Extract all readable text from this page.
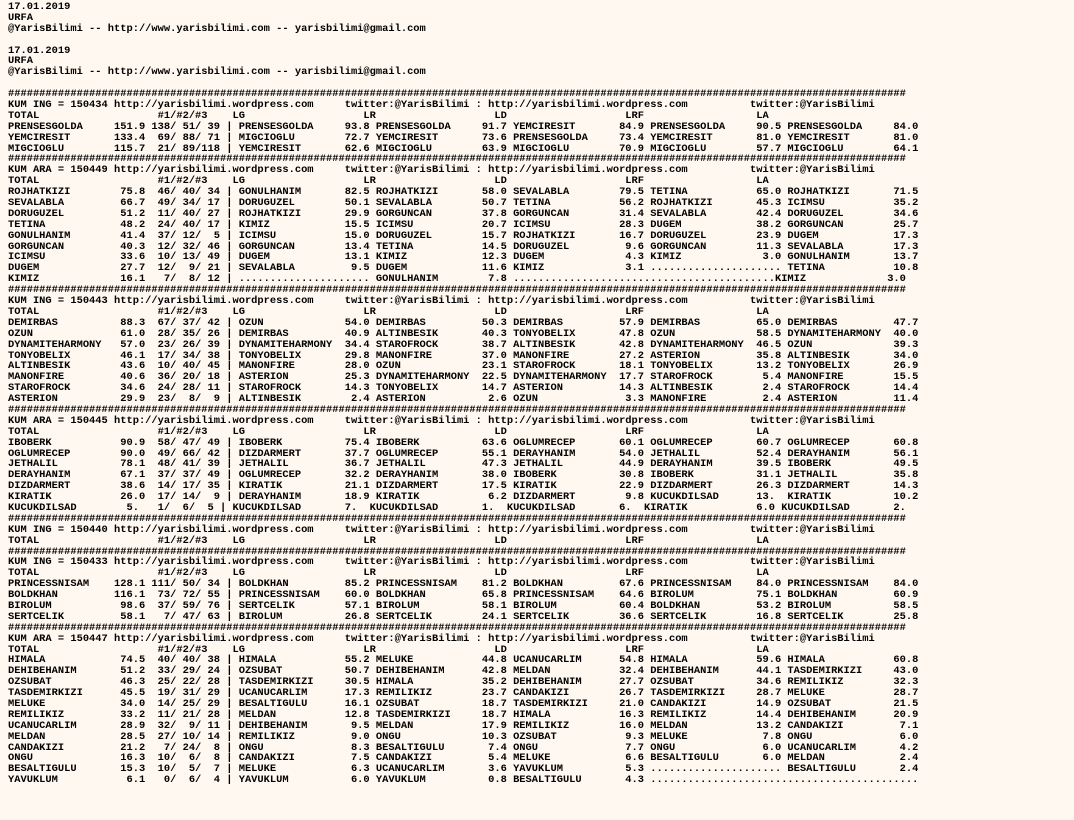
17.01.2019
URFA
@YarisBilimi -- http://www.yarisbilimi.com -- yarisbilimi@gmail.com
17.01.2019
URFA
@YarisBilimi -- http://www.yarisbilimi.com -- yarisbilimi@gmail.com
################################################################################################################################################
KUM ING = 150434 http://yarisbilimi.wordpress.com     twitter:@YarisBilimi : http://yarisbilimi.wordpress.com          twitter:@YarisBilimi
TOTAL                   #1/#2/#3    LG                   LR                   LD                   LRF                  LA
PRENSESGOLDA     151.9 138/ 51/ 39 | PRENSESGOLDA     93.8 PRENSESGOLDA     91.7 YEMCIRESIT       84.9 PRENSESGOLDA     90.5 PRENSESGOLDA     84.0
YEMCIRESIT       133.4  69/ 88/ 71 | MIGCIOGLU        72.7 YEMCIRESIT       73.6 PRENSESGOLDA     73.4 YEMCIRESIT       81.0 YEMCIRESIT       81.0
MIGCIOGLU        115.7  21/ 89/118 | YEMCIRESIT       62.6 MIGCIOGLU        63.9 MIGCIOGLU        70.9 MIGCIOGLU        57.7 MIGCIOGLU        64.1
################################################################################################################################################
KUM ARA = 150449 http://yarisbilimi.wordpress.com     twitter:@YarisBilimi : http://yarisbilimi.wordpress.com          twitter:@YarisBilimi
TOTAL                   #1/#2/#3    LG                   LR                   LD                   LRF                  LA
ROJHATKIZI        75.8  46/ 40/ 34 | GONULHANIM       82.5 ROJHATKIZI       58.0 SEVALABLA        79.5 TETINA           65.0 ROJHATKIZI       71.5
SEVALABLA         66.7  49/ 34/ 17 | DORUGUZEL        50.1 SEVALABLA        50.7 TETINA           56.2 ROJHATKIZI       45.3 ICIMSU           35.2
DORUGUZEL         51.2  11/ 40/ 27 | ROJHATKIZI       29.9 GORGUNCAN        37.8 GORGUNCAN        31.4 SEVALABLA        42.4 DORUGUZEL        34.6
TETINA            48.2  24/ 40/ 17 | KIMIZ            15.5 ICIMSU           20.7 ICIMSU           28.3 DUGEM            38.2 GORGUNCAN        25.7
GONULHANIM        41.4  37/ 12/  5 | ICIMSU           15.0 DORUGUZEL        15.7 ROJHATKIZI       16.7 DORUGUZEL        23.9 DUGEM            17.3
GORGUNCAN         40.3  12/ 32/ 46 | GORGUNCAN        13.4 TETINA           14.5 DORUGUZEL         9.6 GORGUNCAN        11.3 SEVALABLA        17.3
ICIMSU            33.6  10/ 13/ 49 | DUGEM            13.1 KIMIZ            12.3 DUGEM             4.3 KIMIZ             3.0 GONULHANIM       13.7
DUGEM             27.7  12/  9/ 21 | SEVALABLA         9.5 DUGEM            11.6 KIMIZ             3.1 ..................... TETINA           10.8
KIMIZ             16.1   7/  8/ 12 | ..................... GONULHANIM        7.8 ..........................................KIMIZ             3.0
################################################################################################################################################
KUM ING = 150443 http://yarisbilimi.wordpress.com     twitter:@YarisBilimi : http://yarisbilimi.wordpress.com          twitter:@YarisBilimi
TOTAL                   #1/#2/#3    LG                   LR                   LD                   LRF                  LA
DEMIRBAS          88.3  67/ 37/ 42 | OZUN             54.0 DEMIRBAS         50.3 DEMIRBAS         57.9 DEMIRBAS         65.0 DEMIRBAS         47.7
OZUN              61.0  28/ 35/ 26 | DEMIRBAS         40.9 ALTINBESIK       40.3 TONYOBELIX       47.8 OZUN             58.5 DYNAMITEHARMONY  40.0
DYNAMITEHARMONY   57.0  23/ 26/ 39 | DYNAMITEHARMONY  34.4 STAROFROCK       38.7 ALTINBESIK       42.8 DYNAMITEHARMONY  46.5 OZUN             39.3
TONYOBELIX        46.1  17/ 34/ 38 | TONYOBELIX       29.8 MANONFIRE        37.0 MANONFIRE        27.2 ASTERION         35.8 ALTINBESIK       34.0
ALTINBESIK        43.6  10/ 40/ 45 | MANONFIRE        28.0 OZUN             23.1 STAROFROCK       18.1 TONYOBELIX       13.2 TONYOBELIX       26.9
MANONFIRE         40.6  36/ 20/ 18 | ASTERION         25.3 DYNAMITEHARMONY  22.5 DYNAMITEHARMONY  17.7 STAROFROCK        5.4 MANONFIRE        15.5
STAROFROCK        34.6  24/ 28/ 11 | STAROFROCK       14.3 TONYOBELIX       14.7 ASTERION         14.3 ALTINBESIK        2.4 STAROFROCK       14.4
ASTERION          29.9  23/  8/  9 | ALTINBESIK        2.4 ASTERION          2.6 OZUN              3.3 MANONFIRE         2.4 ASTERION         11.4
################################################################################################################################################
KUM ARA = 150445 http://yarisbilimi.wordpress.com     twitter:@YarisBilimi : http://yarisbilimi.wordpress.com          twitter:@YarisBilimi
TOTAL                   #1/#2/#3    LG                   LR                   LD                   LRF                  LA
IBOBERK           90.9  58/ 47/ 49 | IBOBERK          75.4 IBOBERK          63.6 OGLUMRECEP       60.1 OGLUMRECEP       60.7 OGLUMRECEP       60.8
OGLUMRECEP        90.0  49/ 66/ 42 | DIZDARMERT       37.7 OGLUMRECEP       55.1 DERAYHANIM       54.0 JETHALIL         52.4 DERAYHANIM       56.1
JETHALIL          78.1  48/ 41/ 39 | JETHALIL         36.7 JETHALIL         47.3 JETHALIL         44.9 DERAYHANIM       39.5 IBOBERK          49.5
DERAYHANIM        67.1  37/ 37/ 49 | OGLUMRECEP       32.2 DERAYHANIM       38.0 IBOBERK          30.8 IBOBERK          31.1 JETHALIL         35.8
DIZDARMERT        38.6  14/ 17/ 35 | KIRATIK          21.1 DIZDARMERT       17.5 KIRATIK          22.9 DIZDARMERT       26.3 DIZDARMERT       14.3
KIRATIK           26.0  17/ 14/  9 | DERAYHANIM       18.9 KIRATIK           6.2 DIZDARMERT        9.8 KUCUKDILSAD      13.  KIRATIK          10.2
KUCUKDILSAD        5.   1/  6/  5 | KUCUKDILSAD       7.  KUCUKDILSAD       1.  KUCUKDILSAD       6.  KIRATIK           6.0 KUCUKDILSAD       2.
################################################################################################################################################
KUM ING = 150440 http://yarisbilimi.wordpress.com     twitter:@YarisBilimi : http://yarisbilimi.wordpress.com          twitter:@YarisBilimi
TOTAL                   #1/#2/#3    LG                   LR                   LD                   LRF                  LA
################################################################################################################################################
KUM ING = 150433 http://yarisbilimi.wordpress.com     twitter:@YarisBilimi : http://yarisbilimi.wordpress.com          twitter:@YarisBilimi
TOTAL                   #1/#2/#3    LG                   LR                   LD                   LRF                  LA
PRINCESSNISAM    128.1 111/ 50/ 34 | BOLDKHAN         85.2 PRINCESSNISAM    81.2 BOLDKHAN         67.6 PRINCESSNISAM    84.0 PRINCESSNISAM    84.0
BOLDKHAN         116.1  73/ 72/ 55 | PRINCESSNISAM    60.0 BOLDKHAN         65.8 PRINCESSNISAM    64.6 BIROLUM          75.1 BOLDKHAN         60.9
BIROLUM           98.6  37/ 59/ 76 | SERTCELIK        57.1 BIROLUM          58.1 BIROLUM          60.4 BOLDKHAN         53.2 BIROLUM          58.5
SERTCELIK         58.1   7/ 47/ 63 | BIROLUM          26.8 SERTCELIK        24.1 SERTCELIK        36.6 SERTCELIK        16.8 SERTCELIK        25.8
################################################################################################################################################
KUM ARA = 150447 http://yarisbilimi.wordpress.com     twitter:@YarisBilimi : http://yarisbilimi.wordpress.com          twitter:@YarisBilimi
TOTAL                   #1/#2/#3    LG                   LR                   LD                   LRF                  LA
HIMALA            74.5  40/ 40/ 38 | HIMALA           55.2 MELUKE           44.8 UCANUCARLIM      54.8 HIMALA           59.6 HIMALA           60.8
DEHIBEHANIM       51.2  33/ 29/ 24 | OZSUBAT          50.7 DEHIBEHANIM      42.8 MELDAN           32.4 DEHIBEHANIM      44.1 TASDEMIRKIZI     43.0
OZSUBAT           46.3  25/ 22/ 28 | TASDEMIRKIZI     30.5 HIMALA           35.2 DEHIBEHANIM      27.7 OZSUBAT          34.6 REMILIKIZ        32.3
TASDEMIRKIZI      45.5  19/ 31/ 29 | UCANUCARLIM      17.3 REMILIKIZ        23.7 CANDAKIZI        26.7 TASDEMIRKIZI     28.7 MELUKE           28.7
MELUKE            34.0  14/ 25/ 29 | BESALTIGULU      16.1 OZSUBAT          18.7 TASDEMIRKIZI     21.0 CANDAKIZI        14.9 OZSUBAT          21.5
REMILIKIZ         33.2  11/ 21/ 28 | MELDAN           12.8 TASDEMIRKIZI     18.7 HIMALA           16.3 REMILIKIZ        14.4 DEHIBEHANIM      20.9
UCANUCARLIM       28.9  32/  9/ 11 | DEHIBEHANIM       9.5 MELDAN           17.9 REMILIKIZ        16.0 MELDAN           13.2 CANDAKIZI         7.1
MELDAN            28.5  27/ 10/ 14 | REMILIKIZ         9.0 ONGU             10.3 OZSUBAT           9.3 MELUKE            7.8 ONGU              6.0
CANDAKIZI         21.2   7/ 24/  8 | ONGU              8.3 BESALTIGULU       7.4 ONGU              7.7 ONGU              6.0 UCANUCARLIM       4.2
ONGU              16.3  10/  6/  8 | CANDAKIZI         7.5 CANDAKIZI         5.4 MELUKE            6.6 BESALTIGULU       6.0 MELDAN            2.4
BESALTIGULU       15.3  10/  5/  7 | MELUKE            6.3 UCANUCARLIM       3.6 YAVUKLUM          5.3 ..................... BESALTIGULU       2.4
YAVUKLUM           6.1   0/  6/  4 | YAVUKLUM          6.0 YAVUKLUM          0.8 BESALTIGULU       4.3 ...........................................
